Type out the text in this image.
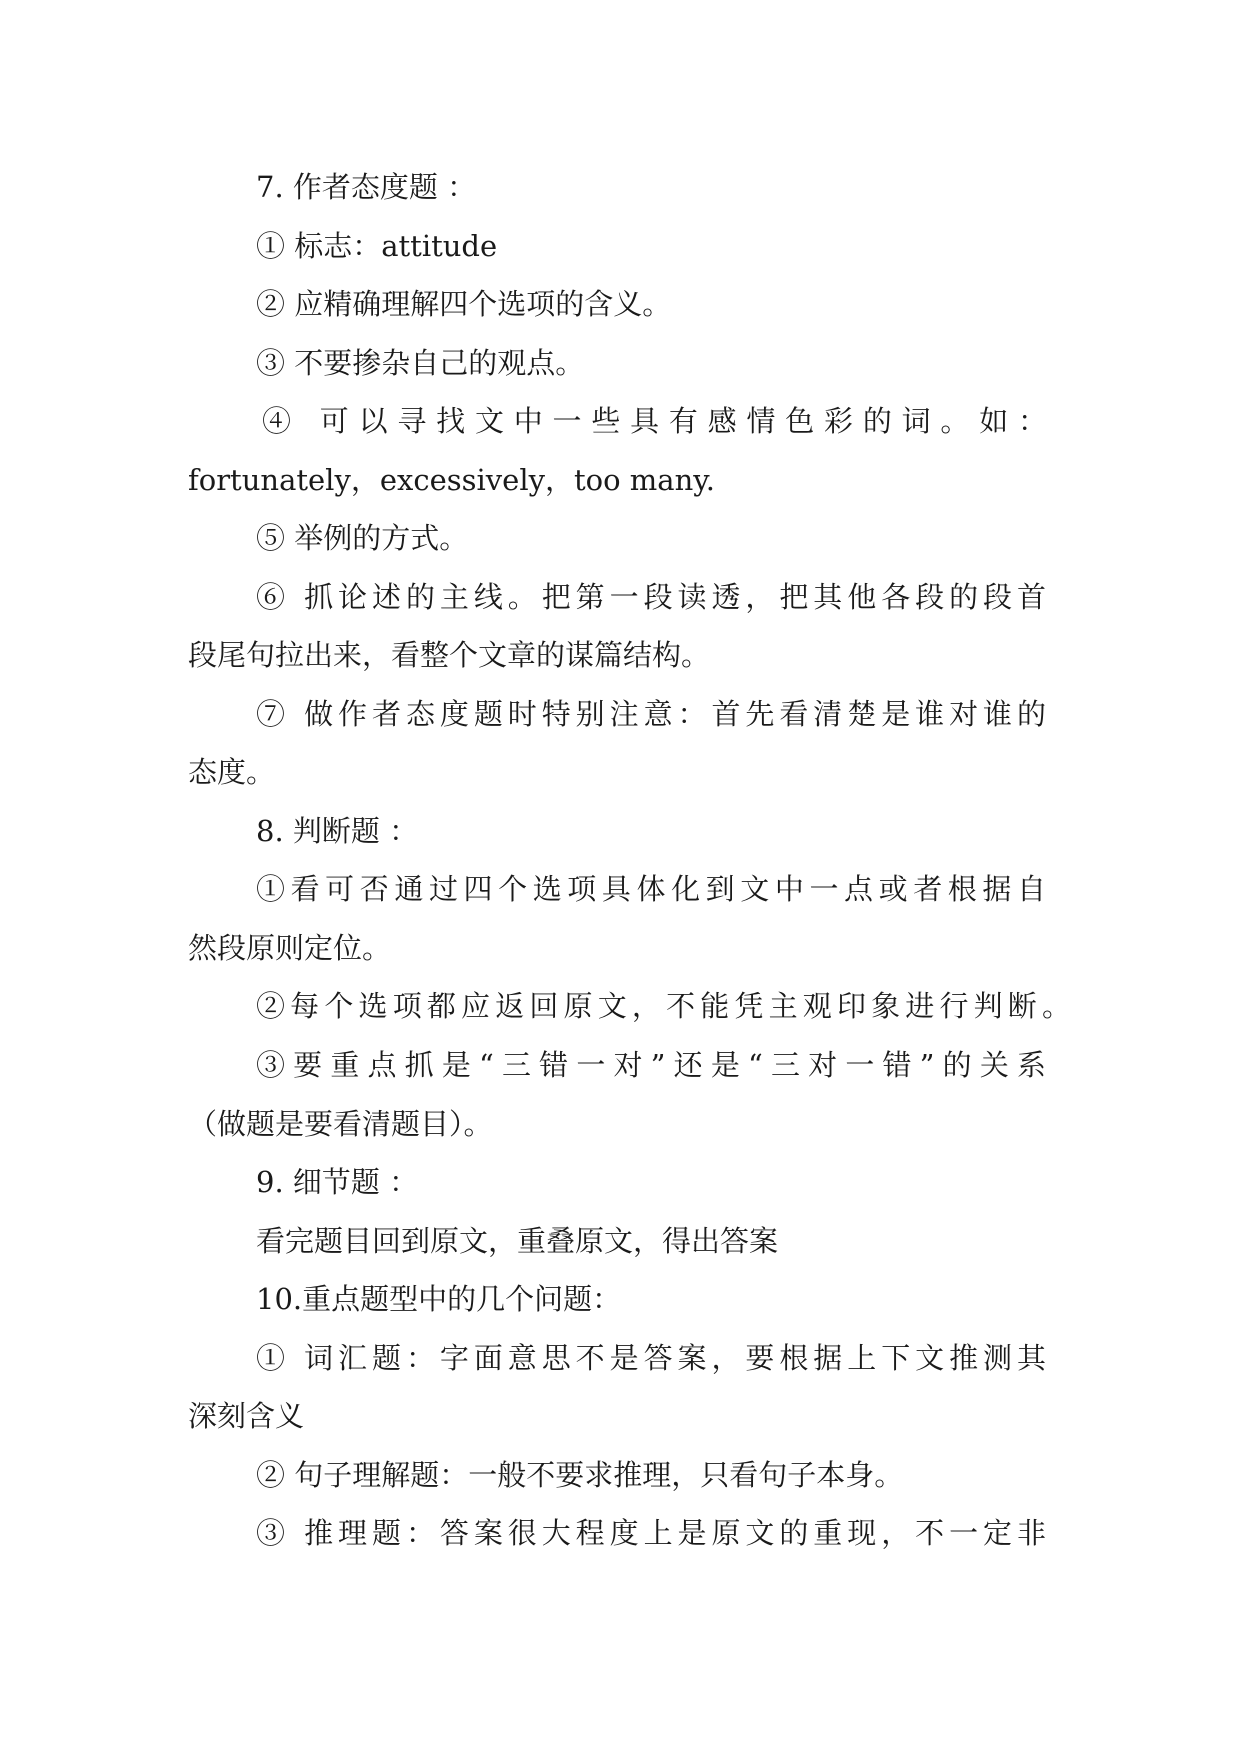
7. 作者态度题 ：
① 标志：attitude
② 应精确理解四个选项的含义。
③ 不要掺杂自己的观点。
④ 可以寻找文中一些具有感情色彩的词。如：
fortunately，excessively，too many.
⑤ 举例的方式。
⑥ 抓论述的主线。把第一段读透，把其他各段的段首
段尾句拉出来，看整个文章的谋篇结构。
⑦ 做作者态度题时特别注意：首先看清楚是谁对谁的
态度。
8. 判断题 ：
①看可否通过四个选项具体化到文中一点或者根据自
然段原则定位。
②每个选项都应返回原文，不能凭主观印象进行判断。
③要重点抓是“三错一对”还是“三对一错”的关系
（做题是要看清题目）。
9. 细节题 ：
看完题目回到原文，重叠原文，得出答案
10.重点题型中的几个问题：
① 词汇题：字面意思不是答案，要根据上下文推测其
深刻含义
② 句子理解题：一般不要求推理，只看句子本身。
③ 推理题：答案很大程度上是原文的重现，不一定非
